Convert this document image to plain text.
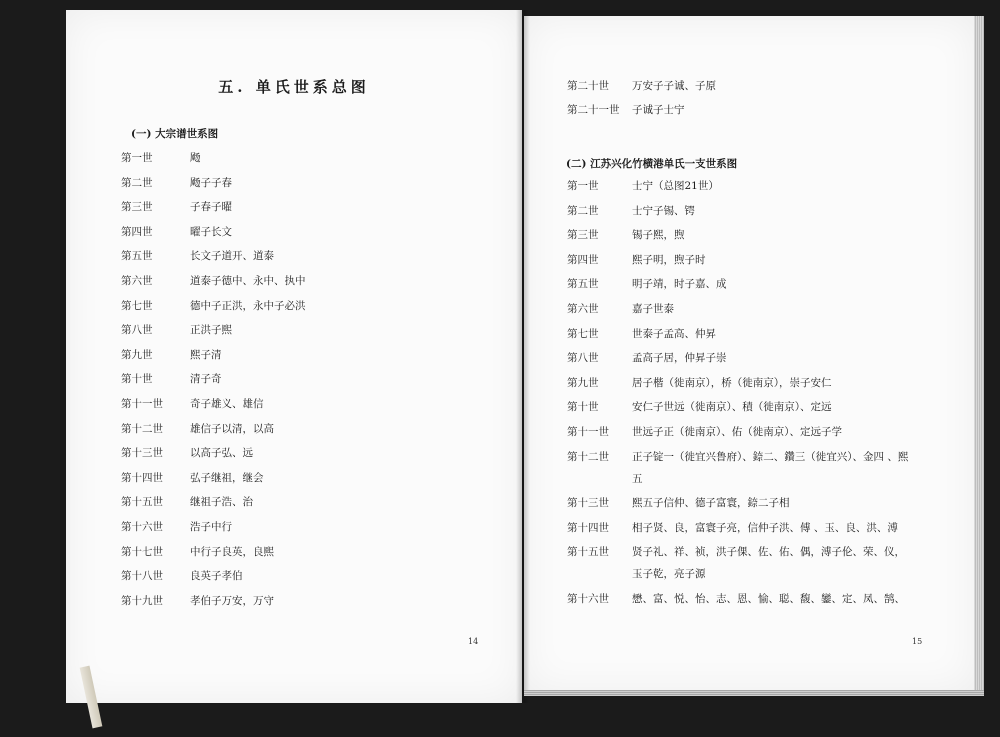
五. 单氏世系总图
(一) 大宗谱世系图
第一世	飏
第二世	飏子子春
第三世	子春子曜
第四世	曜子长文
第五世	长文子道开、道泰
第六世	道泰子德中、永中、执中
第七世	德中子正洪，永中子必洪
第八世	正洪子熙
第九世	熙子清
第十世	清子奇
第十一世	奇子雄义、雄信
第十二世	雄信子以清，以高
第十三世	以高子弘、远
第十四世	弘子继祖，继会
第十五世	继祖子浩、治
第十六世	浩子中行
第十七世	中行子良英，良熙
第十八世	良英子孝伯
第十九世	孝伯子万安，万守
14
第二十世 万安子子诚、子原
第二十一世 子诚子士宁
(二) 江苏兴化竹横港单氏一支世系图
第一世	士宁（总图21世）
第二世	士宁子锡、锷
第三世	锡子熙，煦
第四世	熙子明，煦子时
第五世	明子靖，时子嘉、成
第六世	嘉子世泰
第七世	世泰子孟高、仲昇
第八世	孟高子居，仲昇子崇
第九世	居子楷（徙南京），桥（徙南京），崇子安仁
第十世	安仁子世远（徙南京）、積（徙南京）、定远
第十一世 世远子正（徙南京）、佑（徙南京）、定远子学
第十二世 正子锭一（徙宜兴鲁府）、錼二、鑽三（徙宜兴）、金四 、熙
五
第十三世 熙五子信仲、德子富寰，錼二子相
第十四世 相子贤、良，富寰子亮，信仲子洪、傅 、玉、良、洪、溥
第十五世 贤子礼、祥、祯，洪子倮、佐、佑、偶，溥子伦、荣、仪，
玉子乾，亮子源
第十六世 懋、富、悦、怡、志、恩、愉、聪、馥、鑾、定、凤、鹄、
15
